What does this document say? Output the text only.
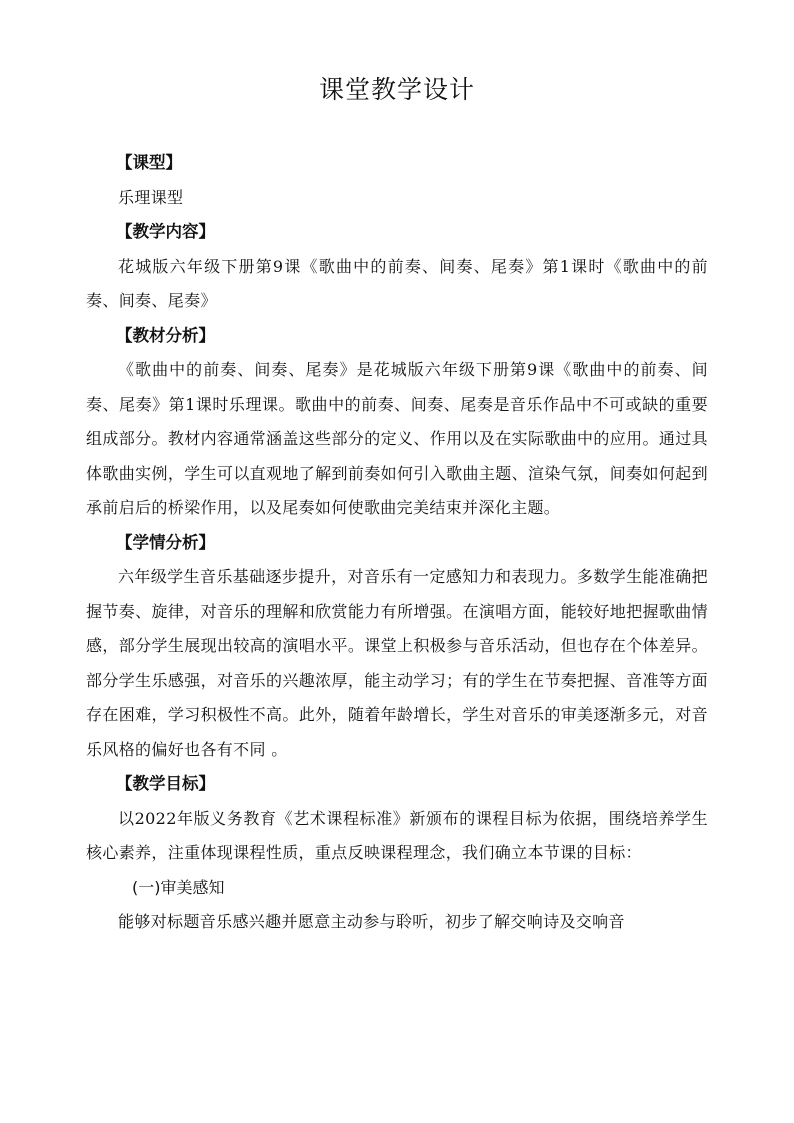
课堂教学设计

【课型】

乐理课型

【教学内容】

花城版六年级下册第9课《歌曲中的前奏、间奏、尾奏》第1课时《歌曲中的前奏、间奏、尾奏》

【教材分析】

《歌曲中的前奏、间奏、尾奏》是花城版六年级下册第9课《歌曲中的前奏、间奏、尾奏》第1课时乐理课。歌曲中的前奏、间奏、尾奏是音乐作品中不可或缺的重要组成部分。教材内容通常涵盖这些部分的定义、作用以及在实际歌曲中的应用。通过具体歌曲实例，学生可以直观地了解到前奏如何引入歌曲主题、渲染气氛，间奏如何起到承前启后的桥梁作用，以及尾奏如何使歌曲完美结束并深化主题。

【学情分析】

六年级学生音乐基础逐步提升，对音乐有一定感知力和表现力。多数学生能准确把握节奏、旋律，对音乐的理解和欣赏能力有所增强。在演唱方面，能较好地把握歌曲情感，部分学生展现出较高的演唱水平。课堂上积极参与音乐活动，但也存在个体差异。部分学生乐感强，对音乐的兴趣浓厚，能主动学习；有的学生在节奏把握、音准等方面存在困难，学习积极性不高。此外，随着年龄增长，学生对音乐的审美逐渐多元，对音乐风格的偏好也各有不同 。

【教学目标】

以2022年版义务教育《艺术课程标准》新颁布的课程目标为依据，围绕培养学生核心素养，注重体现课程性质，重点反映课程理念，我们确立本节课的目标：

(一)审美感知

能够对标题音乐感兴趣并愿意主动参与聆听，初步了解交响诗及交响音
